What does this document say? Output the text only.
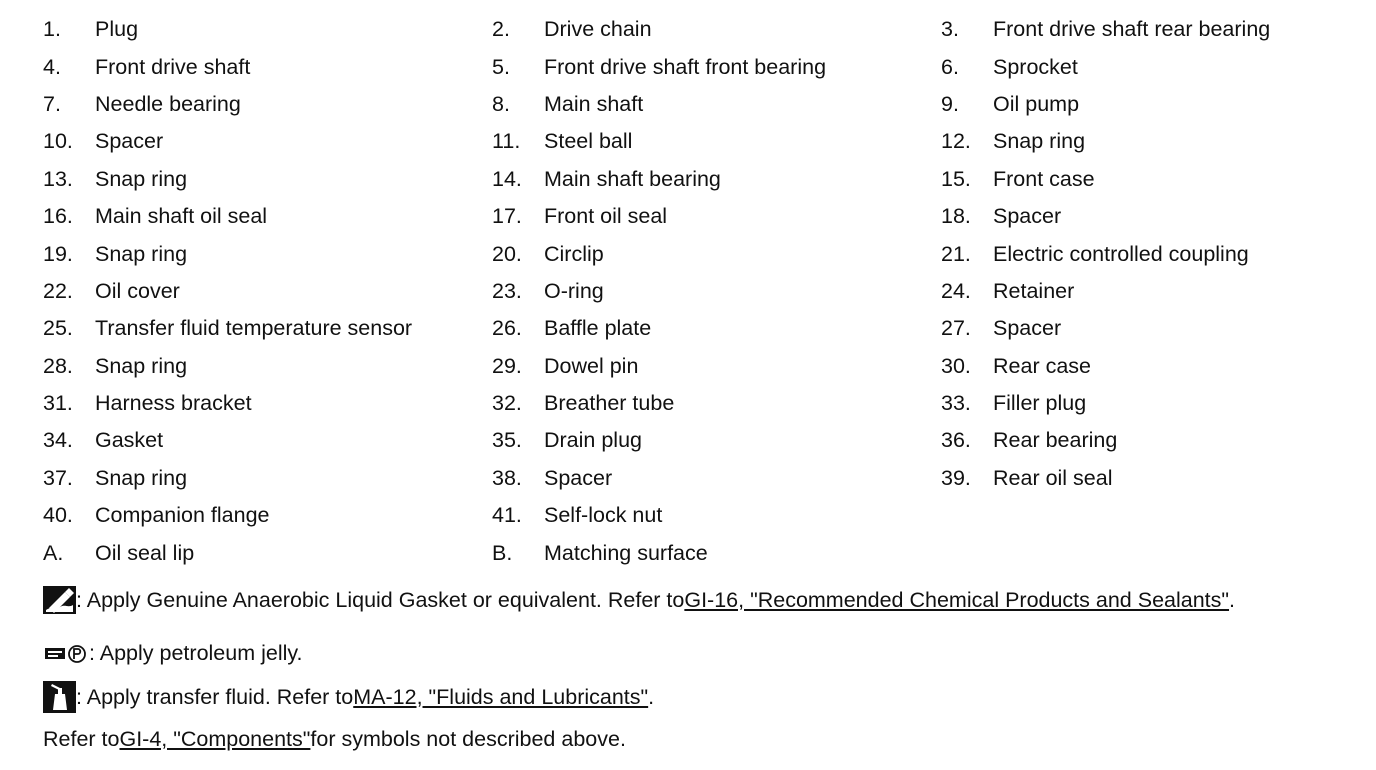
1.	Plug	2.	Drive chain	3.	Front drive shaft rear bearing
4.	Front drive shaft	5.	Front drive shaft front bearing	6.	Sprocket
7.	Needle bearing	8.	Main shaft	9.	Oil pump
10.	Spacer	11.	Steel ball	12.	Snap ring
13.	Snap ring	14.	Main shaft bearing	15.	Front case
16.	Main shaft oil seal	17.	Front oil seal	18.	Spacer
19.	Snap ring	20.	Circlip	21.	Electric controlled coupling
22.	Oil cover	23.	O-ring	24.	Retainer
25.	Transfer fluid temperature sensor	26.	Baffle plate	27.	Spacer
28.	Snap ring	29.	Dowel pin	30.	Rear case
31.	Harness bracket	32.	Breather tube	33.	Filler plug
34.	Gasket	35.	Drain plug	36.	Rear bearing
37.	Snap ring	38.	Spacer	39.	Rear oil seal
40.	Companion flange	41.	Self-lock nut
A.	Oil seal lip	B.	Matching surface
: Apply Genuine Anaerobic Liquid Gasket or equivalent. Refer to GI-16, "Recommended Chemical Products and Sealants" .
: Apply petroleum jelly.
: Apply transfer fluid. Refer to MA-12, "Fluids and Lubricants" .
Refer to GI-4, "Components" for symbols not described above.
